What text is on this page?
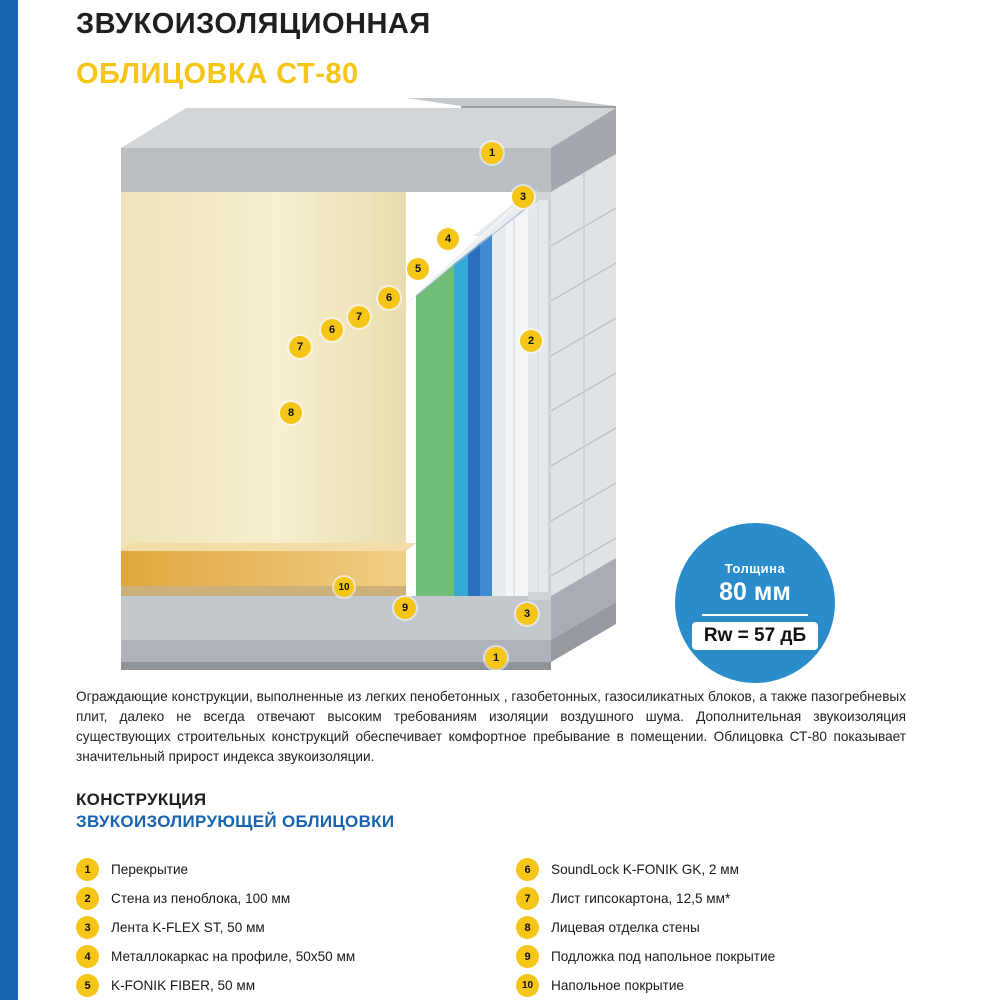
ЗВУКОИЗОЛЯЦИОННАЯ
ОБЛИЦОВКА СТ-80
1
3
4
5
6
7
6
7
8
10
9	3
2
1
Толщина
80 мм
Rw = 57 дБ
Ограждающие конструкции, выполненные из легких пенобетонных , газобетонных, газосиликатных блоков, а также пазогребневых плит, далеко не всегда отвечают высоким требованиям изоляции воздушного шума. Дополнительная звукоизоляция существующих строительных конструкций обеспечивает комфортное пребывание в помещении. Облицовка СТ-80 показывает значительный прирост индекса звукоизоляции.
КОНСТРУКЦИЯ
ЗВУКОИЗОЛИРУЮЩЕЙ ОБЛИЦОВКИ
1	Перекрытие
2	Стена из пеноблока, 100 мм
3	Лента K-FLEX ST, 50 мм
4	Металлокаркас на профиле, 50x50 мм
5	K-FONIK FIBER, 50 мм
6	SoundLock K-FONIK GK, 2 мм
7	Лист гипсокартона, 12,5 мм*
8	Лицевая отделка стены
9	Подложка под напольное покрытие
10	Напольное покрытие
